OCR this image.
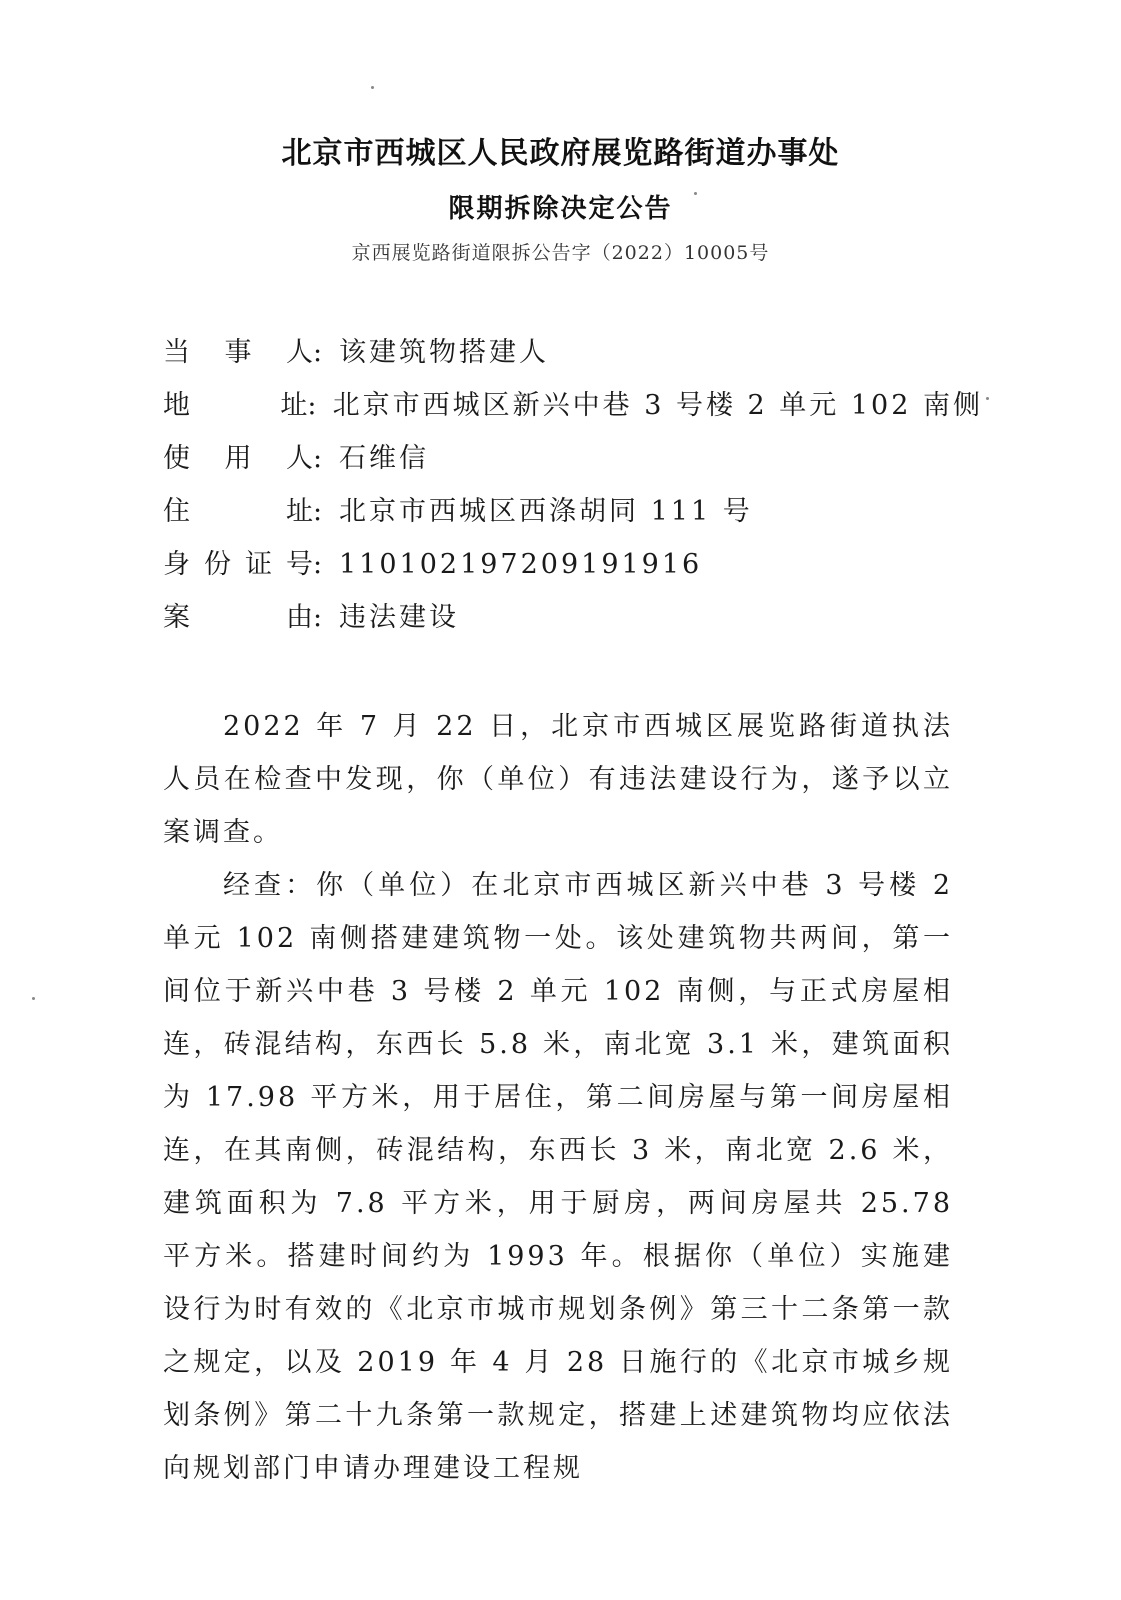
北京市西城区人民政府展览路街道办事处
限期拆除决定公告
京西展览路街道限拆公告字（2022）10005号
当事人 : 该建筑物搭建人
地址 : 北京市西城区新兴中巷 3 号楼 2 单元 102 南侧
使用人 : 石维信
住址 : 北京市西城区西涤胡同 111 号
身份证号 : 110102197209191916
案由 : 违法建设

2022 年 7 月 22 日，北京市西城区展览路街道执法人员在检查中发现，你（单位）有违法建设行为，遂予以立案调查。

经查：你（单位）在北京市西城区新兴中巷 3 号楼 2 单元 102 南侧搭建建筑物一处。该处建筑物共两间，第一间位于新兴中巷 3 号楼 2 单元 102 南侧，与正式房屋相连，砖混结构，东西长 5.8 米，南北宽 3.1 米，建筑面积为 17.98 平方米，用于居住，第二间房屋与第一间房屋相连，在其南侧，砖混结构，东西长 3 米，南北宽 2.6 米，建筑面积为 7.8 平方米，用于厨房，两间房屋共 25.78 平方米。搭建时间约为 1993 年。根据你（单位）实施建设行为时有效的《北京市城市规划条例》第三十二条第一款之规定，以及 2019 年 4 月 28 日施行的《北京市城乡规划条例》第二十九条第一款规定，搭建上述建筑物均应依法向规划部门申请办理建设工程规
